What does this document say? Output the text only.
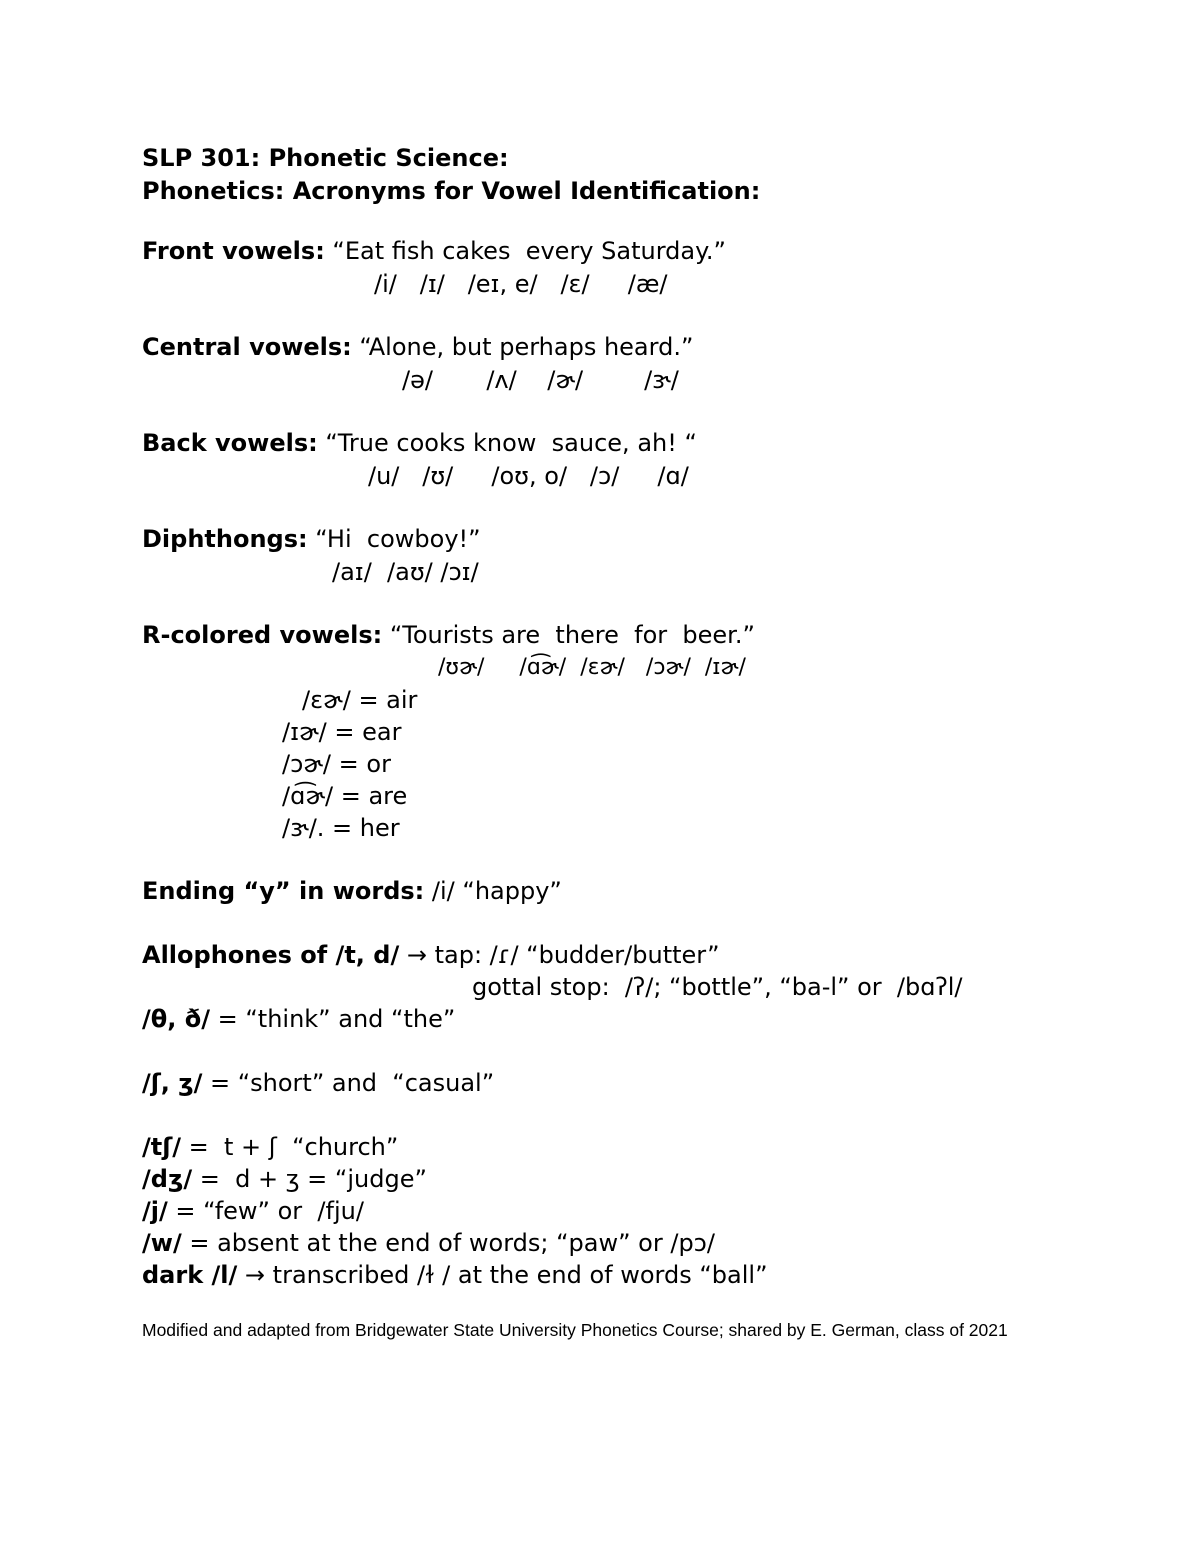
SLP 301: Phonetic Science:
Phonetics: Acronyms for Vowel Identification:
Front vowels: “Eat fish cakes  every Saturday.”
/i/   /ɪ/   /eɪ, e/   /ɛ/     /æ/
Central vowels: “Alone, but perhaps heard.”
/ə/       /ʌ/    /ɚ/        /ɝ/
Back vowels: “True cooks know  sauce, ah! “
/u/   /ʊ/     /oʊ, o/   /ɔ/     /ɑ/
Diphthongs: “Hi  cowboy!”
/aɪ/  /aʊ/ /ɔɪ/
R-colored vowels: “Tourists are  there  for  beer.”
/ʊɚ/     /ɑ͡ɚ/  /ɛɚ/   /ɔɚ/  /ɪɚ/
/ɛɚ/ = air
/ɪɚ/ = ear
/ɔɚ/ = or
/ɑ͡ɚ/ = are
/ɝ/. = her
Ending “y” in words: /i/ “happy”
Allophones of /t, d/ → tap: /ɾ/ “budder/butter”
gottal stop:  /ʔ/; “bottle”, “ba-l” or  /bɑʔl/
/θ, ð/ = “think” and “the”
/ʃ, ʒ/ = “short” and  “casual”
/tʃ/ =  t + ʃ  “church”
/dʒ/ =  d + ʒ = “judge”
/j/ = “few” or  /fju/
/w/ = absent at the end of words; “paw” or /pɔ/
dark /l/ → transcribed /ɫ / at the end of words “ball”
Modified and adapted from Bridgewater State University Phonetics Course; shared by E. German, class of 2021
